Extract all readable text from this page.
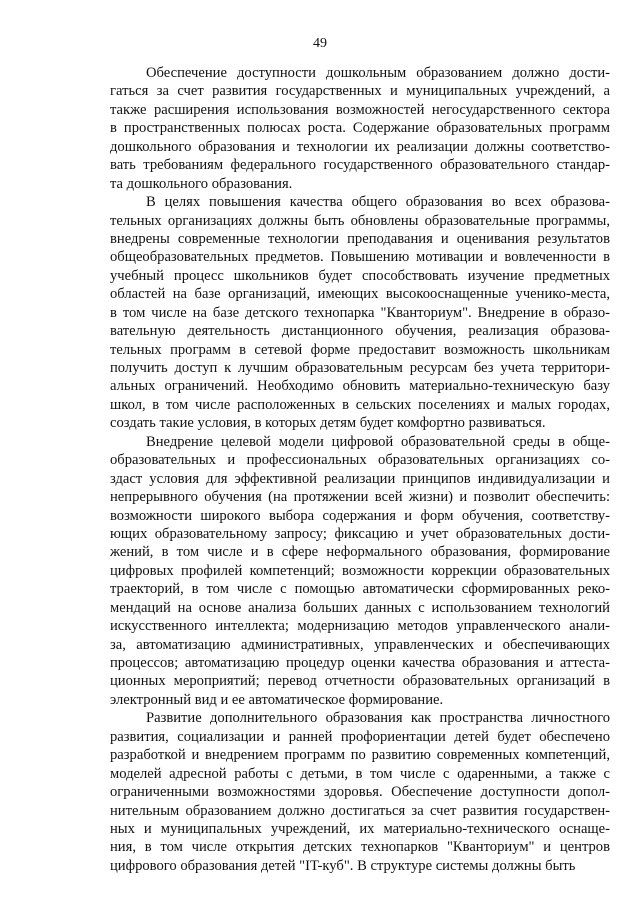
49
Обеспечение доступности дошкольным образованием должно дости-
гаться за счет развития государственных и муниципальных учреждений, а
также расширения использования возможностей негосударственного сектора
в пространственных полюсах роста. Содержание образовательных программ
дошкольного образования и технологии их реализации должны соответство-
вать требованиям федерального государственного образовательного стандар-
та дошкольного образования.
В целях повышения качества общего образования во всех образова-
тельных организациях должны быть обновлены образовательные программы,
внедрены современные технологии преподавания и оценивания результатов
общеобразовательных предметов. Повышению мотивации и вовлеченности в
учебный процесс школьников будет способствовать изучение предметных
областей на базе организаций, имеющих высокооснащенные ученико-места,
в том числе на базе детского технопарка "Кванториум". Внедрение в образо-
вательную деятельность дистанционного обучения, реализация образова-
тельных программ в сетевой форме предоставит возможность школьникам
получить доступ к лучшим образовательным ресурсам без учета территори-
альных ограничений. Необходимо обновить материально-техническую базу
школ, в том числе расположенных в сельских поселениях и малых городах,
создать такие условия, в которых детям будет комфортно развиваться.
Внедрение целевой модели цифровой образовательной среды в обще-
образовательных и профессиональных образовательных организациях со-
здаст условия для эффективной реализации принципов индивидуализации и
непрерывного обучения (на протяжении всей жизни) и позволит обеспечить:
возможности широкого выбора содержания и форм обучения, соответству-
ющих образовательному запросу; фиксацию и учет образовательных дости-
жений, в том числе и в сфере неформального образования, формирование
цифровых профилей компетенций; возможности коррекции образовательных
траекторий, в том числе с помощью автоматически сформированных реко-
мендаций на основе анализа больших данных с использованием технологий
искусственного интеллекта; модернизацию методов управленческого анали-
за, автоматизацию административных, управленческих и обеспечивающих
процессов; автоматизацию процедур оценки качества образования и аттеста-
ционных мероприятий; перевод отчетности образовательных организаций в
электронный вид и ее автоматическое формирование.
Развитие дополнительного образования как пространства личностного
развития, социализации и ранней профориентации детей будет обеспечено
разработкой и внедрением программ по развитию современных компетенций,
моделей адресной работы с детьми, в том числе с одаренными, а также с
ограниченными возможностями здоровья. Обеспечение доступности допол-
нительным образованием должно достигаться за счет развития государствен-
ных и муниципальных учреждений, их материально-технического оснаще-
ния, в том числе открытия детских технопарков "Кванториум" и центров
цифрового образования детей "IT-куб". В структуре системы должны быть
